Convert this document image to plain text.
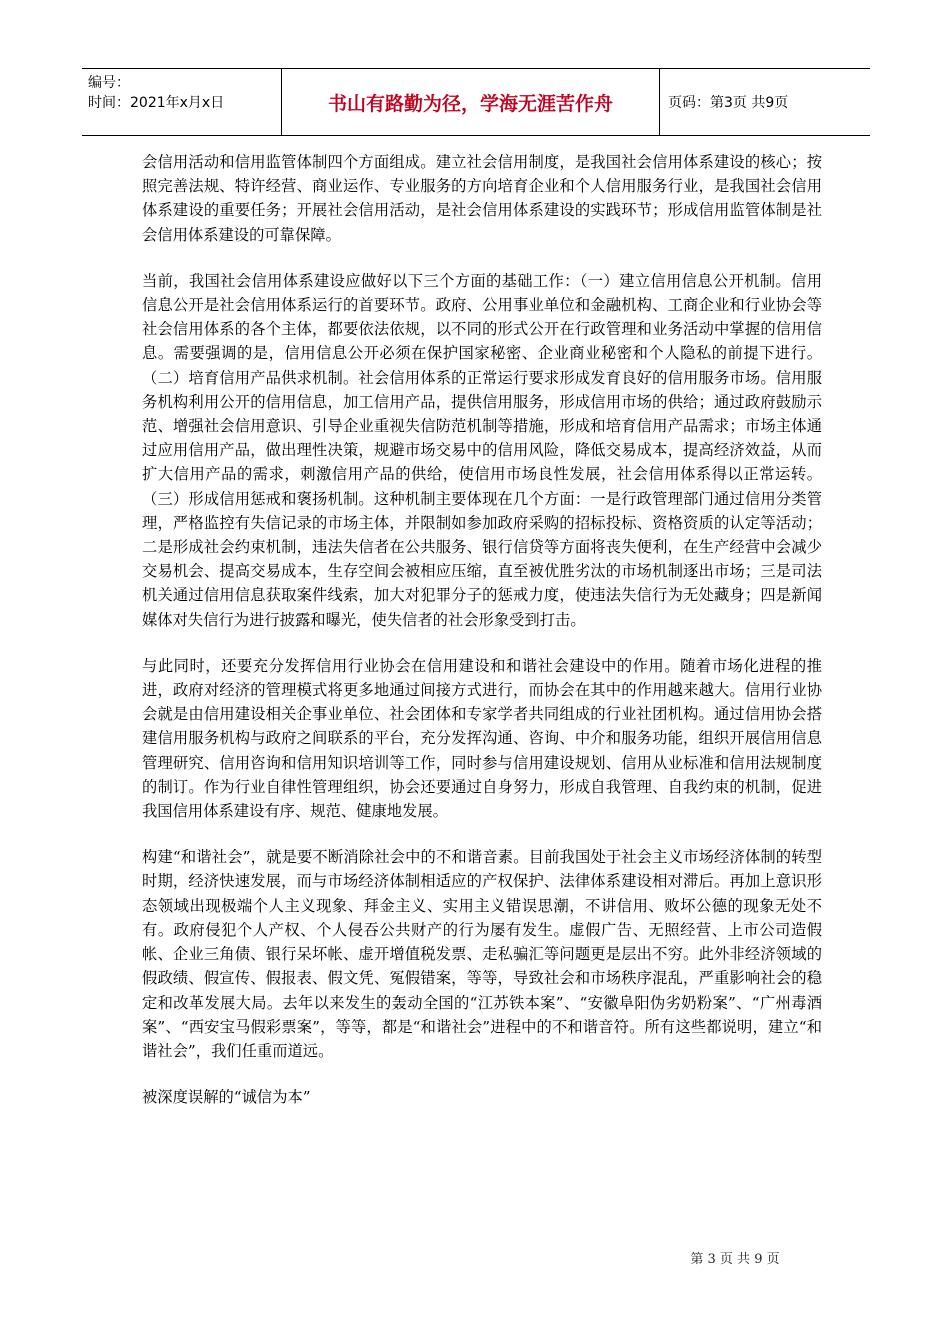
编号：
时间：2021年x月x日	书山有路勤为径，学海无涯苦作舟	页码：第3页 共9页

会信用活动和信用监管体制四个方面组成。建立社会信用制度，是我国社会信用体系建设的核心；按照完善法规、特许经营、商业运作、专业服务的方向培育企业和个人信用服务行业，是我国社会信用体系建设的重要任务；开展社会信用活动，是社会信用体系建设的实践环节；形成信用监管体制是社会信用体系建设的可靠保障。

当前，我国社会信用体系建设应做好以下三个方面的基础工作：（一）建立信用信息公开机制。信用信息公开是社会信用体系运行的首要环节。政府、公用事业单位和金融机构、工商企业和行业协会等社会信用体系的各个主体，都要依法依规，以不同的形式公开在行政管理和业务活动中掌握的信用信息。需要强调的是，信用信息公开必须在保护国家秘密、企业商业秘密和个人隐私的前提下进行。（二）培育信用产品供求机制。社会信用体系的正常运行要求形成发育良好的信用服务市场。信用服务机构利用公开的信用信息，加工信用产品，提供信用服务，形成信用市场的供给；通过政府鼓励示范、增强社会信用意识、引导企业重视失信防范机制等措施，形成和培育信用产品需求；市场主体通过应用信用产品，做出理性决策，规避市场交易中的信用风险，降低交易成本，提高经济效益，从而扩大信用产品的需求，刺激信用产品的供给，使信用市场良性发展，社会信用体系得以正常运转。（三）形成信用惩戒和褒扬机制。这种机制主要体现在几个方面：一是行政管理部门通过信用分类管理，严格监控有失信记录的市场主体，并限制如参加政府采购的招标投标、资格资质的认定等活动；二是形成社会约束机制，违法失信者在公共服务、银行信贷等方面将丧失便利，在生产经营中会减少交易机会、提高交易成本，生存空间会被相应压缩，直至被优胜劣汰的市场机制逐出市场；三是司法机关通过信用信息获取案件线索，加大对犯罪分子的惩戒力度，使违法失信行为无处藏身；四是新闻媒体对失信行为进行披露和曝光，使失信者的社会形象受到打击。

与此同时，还要充分发挥信用行业协会在信用建设和和谐社会建设中的作用。随着市场化进程的推进，政府对经济的管理模式将更多地通过间接方式进行，而协会在其中的作用越来越大。信用行业协会就是由信用建设相关企事业单位、社会团体和专家学者共同组成的行业社团机构。通过信用协会搭建信用服务机构与政府之间联系的平台，充分发挥沟通、咨询、中介和服务功能，组织开展信用信息管理研究、信用咨询和信用知识培训等工作，同时参与信用建设规划、信用从业标准和信用法规制度的制订。作为行业自律性管理组织，协会还要通过自身努力，形成自我管理、自我约束的机制，促进我国信用体系建设有序、规范、健康地发展。

构建“和谐社会”，就是要不断消除社会中的不和谐音素。目前我国处于社会主义市场经济体制的转型时期，经济快速发展，而与市场经济体制相适应的产权保护、法律体系建设相对滞后。再加上意识形态领域出现极端个人主义现象、拜金主义、实用主义错误思潮，不讲信用、败坏公德的现象无处不有。政府侵犯个人产权、个人侵吞公共财产的行为屡有发生。虚假广告、无照经营、上市公司造假帐、企业三角债、银行呆坏帐、虚开增值税发票、走私骗汇等问题更是层出不穷。此外非经济领域的假政绩、假宣传、假报表、假文凭、冤假错案，等等，导致社会和市场秩序混乱，严重影响社会的稳定和改革发展大局。去年以来发生的轰动全国的“江苏铁本案”、“安徽阜阳伪劣奶粉案”、“广州毒酒案”、“西安宝马假彩票案”，等等，都是“和谐社会”进程中的不和谐音符。所有这些都说明，建立“和谐社会”，我们任重而道远。

被深度误解的“诚信为本”

第 3 页 共 9 页
